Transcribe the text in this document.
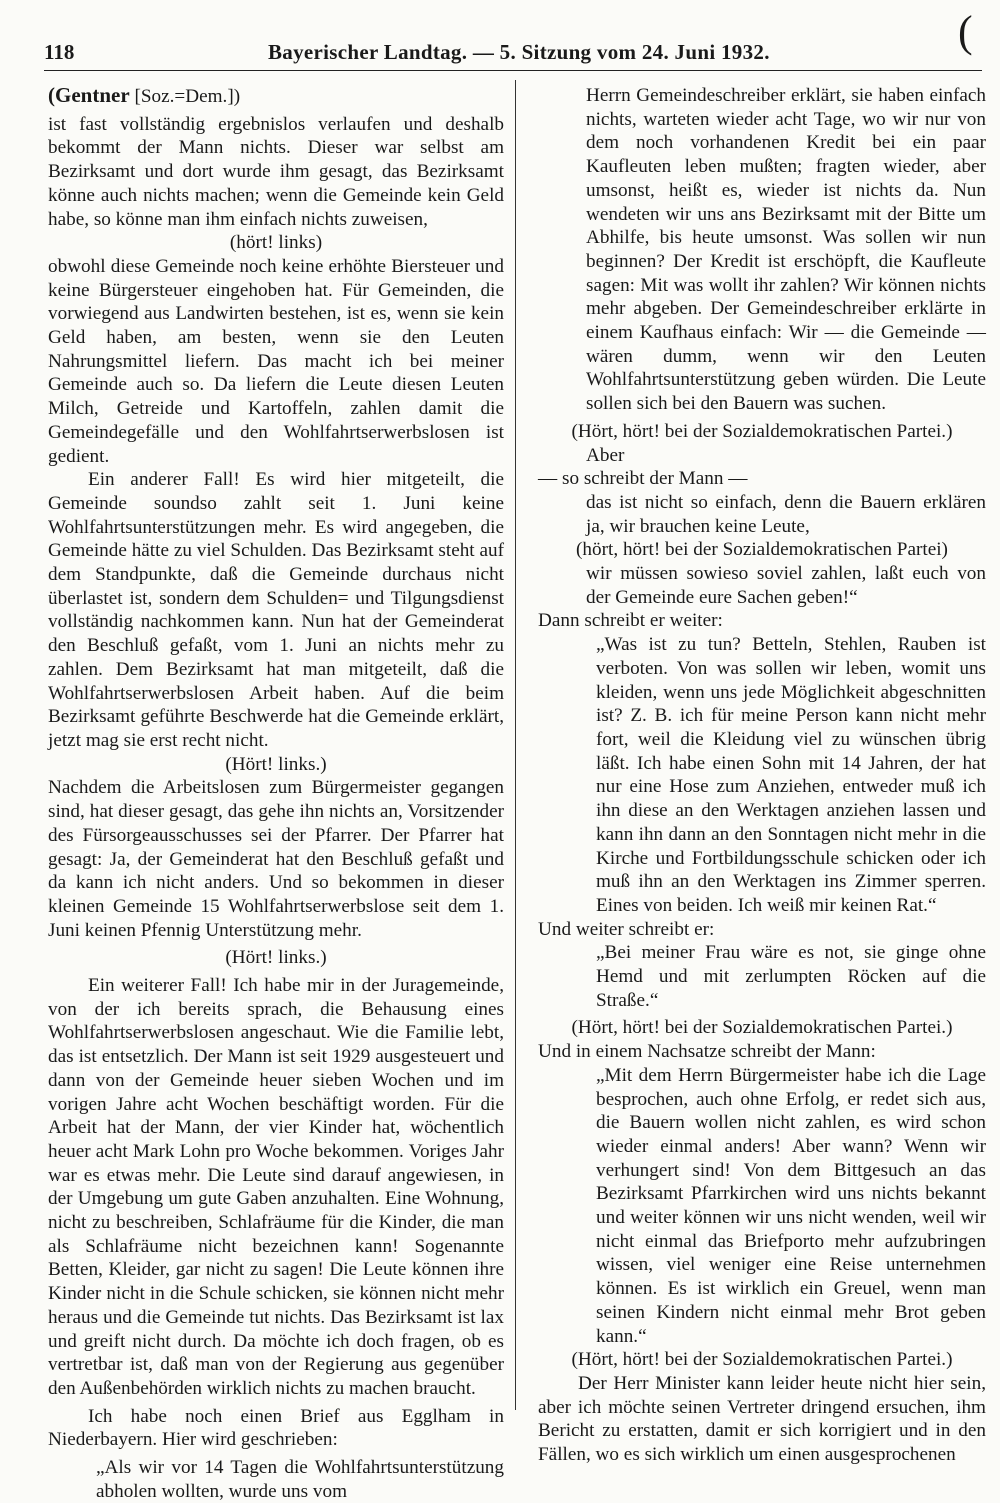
118	Bayerischer Landtag. — 5. Sitzung vom 24. Juni 1932.	(

(Gentner [Soz.=Dem.])

ist fast vollständig ergebnislos verlaufen und deshalb bekommt der Mann nichts. Dieser war selbst am Bezirksamt und dort wurde ihm gesagt, das Bezirksamt könne auch nichts machen; wenn die Gemeinde kein Geld habe, so könne man ihm einfach nichts zuweisen,

(hört! links)

obwohl diese Gemeinde noch keine erhöhte Biersteuer und keine Bürgersteuer eingehoben hat. Für Gemeinden, die vorwiegend aus Landwirten bestehen, ist es, wenn sie kein Geld haben, am besten, wenn sie den Leuten Nahrungsmittel liefern. Das macht ich bei meiner Gemeinde auch so. Da liefern die Leute diesen Leuten Milch, Getreide und Kartoffeln, zahlen damit die Gemeindegefälle und den Wohlfahrtserwerbslosen ist gedient.

Ein anderer Fall! Es wird hier mitgeteilt, die Gemeinde soundso zahlt seit 1. Juni keine Wohlfahrtsunterstützungen mehr. Es wird angegeben, die Gemeinde hätte zu viel Schulden. Das Bezirksamt steht auf dem Standpunkte, daß die Gemeinde durchaus nicht überlastet ist, sondern dem Schulden= und Tilgungsdienst vollständig nachkommen kann. Nun hat der Gemeinderat den Beschluß gefaßt, vom 1. Juni an nichts mehr zu zahlen. Dem Bezirksamt hat man mitgeteilt, daß die Wohlfahrtserwerbslosen Arbeit haben. Auf die beim Bezirksamt geführte Beschwerde hat die Gemeinde erklärt, jetzt mag sie erst recht nicht.

(Hört! links.)

Nachdem die Arbeitslosen zum Bürgermeister gegangen sind, hat dieser gesagt, das gehe ihn nichts an, Vorsitzender des Fürsorgeausschusses sei der Pfarrer. Der Pfarrer hat gesagt: Ja, der Gemeinderat hat den Beschluß gefaßt und da kann ich nicht anders. Und so bekommen in dieser kleinen Gemeinde 15 Wohlfahrtserwerbslose seit dem 1. Juni keinen Pfennig Unterstützung mehr.

(Hört! links.)

Ein weiterer Fall! Ich habe mir in der Juragemeinde, von der ich bereits sprach, die Behausung eines Wohlfahrtserwerbslosen angeschaut. Wie die Familie lebt, das ist entsetzlich. Der Mann ist seit 1929 ausgesteuert und dann von der Gemeinde heuer sieben Wochen und im vorigen Jahre acht Wochen beschäftigt worden. Für die Arbeit hat der Mann, der vier Kinder hat, wöchentlich heuer acht Mark Lohn pro Woche bekommen. Voriges Jahr war es etwas mehr. Die Leute sind darauf angewiesen, in der Umgebung um gute Gaben anzuhalten. Eine Wohnung, nicht zu beschreiben, Schlafräume für die Kinder, die man als Schlafräume nicht bezeichnen kann! Sogenannte Betten, Kleider, gar nicht zu sagen! Die Leute können ihre Kinder nicht in die Schule schicken, sie können nicht mehr heraus und die Gemeinde tut nichts. Das Bezirksamt ist lax und greift nicht durch. Da möchte ich doch fragen, ob es vertretbar ist, daß man von der Regierung aus gegenüber den Außenbehörden wirklich nichts zu machen braucht.

Ich habe noch einen Brief aus Egglham in Niederbayern. Hier wird geschrieben:

„Als wir vor 14 Tagen die Wohlfahrtsunterstützung abholen wollten, wurde uns vom

Herrn Gemeindeschreiber erklärt, sie haben einfach nichts, warteten wieder acht Tage, wo wir nur von dem noch vorhandenen Kredit bei ein paar Kaufleuten leben mußten; fragten wieder, aber umsonst, heißt es, wieder ist nichts da. Nun wendeten wir uns ans Bezirksamt mit der Bitte um Abhilfe, bis heute umsonst. Was sollen wir nun beginnen? Der Kredit ist erschöpft, die Kaufleute sagen: Mit was wollt ihr zahlen? Wir können nichts mehr abgeben. Der Gemeindeschreiber erklärte in einem Kaufhaus einfach: Wir — die Gemeinde — wären dumm, wenn wir den Leuten Wohlfahrtsunterstützung geben würden. Die Leute sollen sich bei den Bauern was suchen.

(Hört, hört! bei der Sozialdemokratischen Partei.)

Aber

— so schreibt der Mann —

das ist nicht so einfach, denn die Bauern erklären ja, wir brauchen keine Leute,

(hört, hört! bei der Sozialdemokratischen Partei)

wir müssen sowieso soviel zahlen, laßt euch von der Gemeinde eure Sachen geben!“

Dann schreibt er weiter:

„Was ist zu tun? Betteln, Stehlen, Rauben ist verboten. Von was sollen wir leben, womit uns kleiden, wenn uns jede Möglichkeit abgeschnitten ist? Z. B. ich für meine Person kann nicht mehr fort, weil die Kleidung viel zu wünschen übrig läßt. Ich habe einen Sohn mit 14 Jahren, der hat nur eine Hose zum Anziehen, entweder muß ich ihn diese an den Werktagen anziehen lassen und kann ihn dann an den Sonntagen nicht mehr in die Kirche und Fortbildungsschule schicken oder ich muß ihn an den Werktagen ins Zimmer sperren. Eines von beiden. Ich weiß mir keinen Rat.“

Und weiter schreibt er:

„Bei meiner Frau wäre es not, sie ginge ohne Hemd und mit zerlumpten Röcken auf die Straße.“

(Hört, hört! bei der Sozialdemokratischen Partei.)

Und in einem Nachsatze schreibt der Mann:

„Mit dem Herrn Bürgermeister habe ich die Lage besprochen, auch ohne Erfolg, er redet sich aus, die Bauern wollen nicht zahlen, es wird schon wieder einmal anders! Aber wann? Wenn wir verhungert sind! Von dem Bittgesuch an das Bezirksamt Pfarrkirchen wird uns nichts bekannt und weiter können wir uns nicht wenden, weil wir nicht einmal das Briefporto mehr aufzubringen wissen, viel weniger eine Reise unternehmen können. Es ist wirklich ein Greuel, wenn man seinen Kindern nicht einmal mehr Brot geben kann.“

(Hört, hört! bei der Sozialdemokratischen Partei.)

Der Herr Minister kann leider heute nicht hier sein, aber ich möchte seinen Vertreter dringend ersuchen, ihm Bericht zu erstatten, damit er sich korrigiert und in den Fällen, wo es sich wirklich um einen ausgesprochenen
